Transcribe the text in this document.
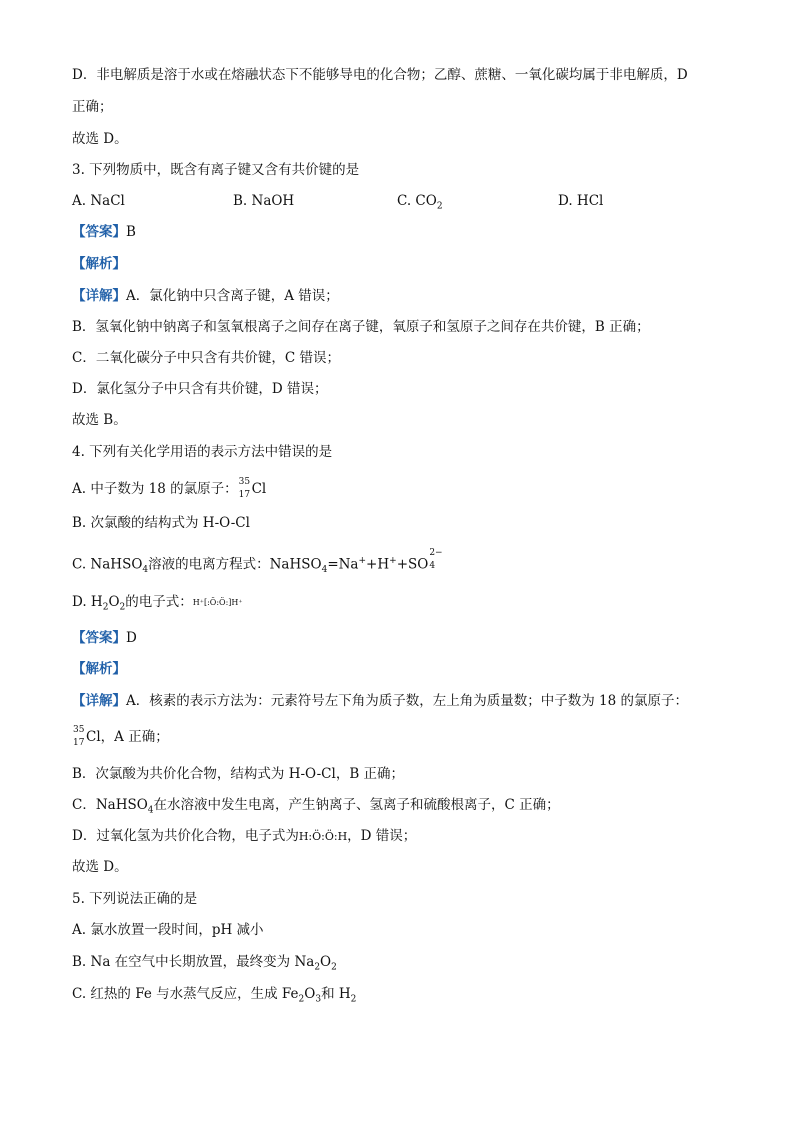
D．非电解质是溶于水或在熔融状态下不能够导电的化合物；乙醇、蔗糖、一氧化碳均属于非电解质，D
正确；
故选 D。
3. 下列物质中，既含有离子键又含有共价键的是
A. NaCl	B. NaOH	C. $CO_2$	D. HCl
【答案】B
【解析】
【详解】A．氯化钠中只含离子键，A 错误；
B．氢氧化钠中钠离子和氢氧根离子之间存在离子键，氧原子和氢原子之间存在共价键，B 正确；
C．二氧化碳分子中只含有共价键，C 错误；
D．氯化氢分子中只含有共价键，D 错误；
故选 B。
4. 下列有关化学用语的表示方法中错误的是
A. 中子数为 18 的氯原子： 35
17 Cl
B. 次氯酸的结构式为 H-O-Cl
C. NaHSO$_4$溶液的电离方程式：NaHSO$_4$=Na++H++SO
2−
4
D. $H_2O_2$的电子式：H⁺[:Ö:Ö:]H⁺
【答案】D
【解析】
【详解】A．核素的表示方法为：元素符号左下角为质子数，左上角为质量数；中子数为 18 的氯原子：
35
17 Cl，A 正确；
B．次氯酸为共价化合物，结构式为 H-O-Cl，B 正确；
C．NaHSO$_4$在水溶液中发生电离，产生钠离子、氢离子和硫酸根离子，C 正确；
D．过氧化氢为共价化合物，电子式为H:Ö:Ö:H，D 错误；
故选 D。
5. 下列说法正确的是
A. 氯水放置一段时间，pH 减小
B. Na 在空气中长期放置，最终变为 $Na_2O_2$
C. 红热的 Fe 与水蒸气反应，生成 $Fe_2O_3$和 $H_2$
